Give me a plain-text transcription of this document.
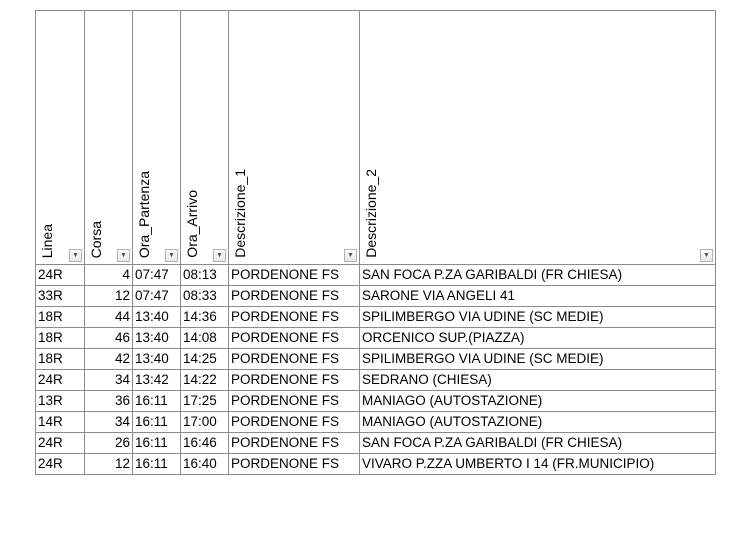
Linea ▼	Corsa ▼	Ora_Partenza ▼	Ora_Arrivo ▼	Descrizione_1 ▼	Descrizione_2 ▼

24R	4	07:47	08:13	PORDENONE FS	SAN FOCA P.ZA GARIBALDI (FR CHIESA)
33R	12	07:47	08:33	PORDENONE FS	SARONE VIA ANGELI 41
18R	44	13:40	14:36	PORDENONE FS	SPILIMBERGO VIA UDINE (SC MEDIE)
18R	46	13:40	14:08	PORDENONE FS	ORCENICO SUP.(PIAZZA)
18R	42	13:40	14:25	PORDENONE FS	SPILIMBERGO VIA UDINE (SC MEDIE)
24R	34	13:42	14:22	PORDENONE FS	SEDRANO (CHIESA)
13R	36	16:11	17:25	PORDENONE FS	MANIAGO (AUTOSTAZIONE)
14R	34	16:11	17:00	PORDENONE FS	MANIAGO (AUTOSTAZIONE)
24R	26	16:11	16:46	PORDENONE FS	SAN FOCA P.ZA GARIBALDI (FR CHIESA)
24R	12	16:11	16:40	PORDENONE FS	VIVARO P.ZZA UMBERTO I 14 (FR.MUNICIPIO)
